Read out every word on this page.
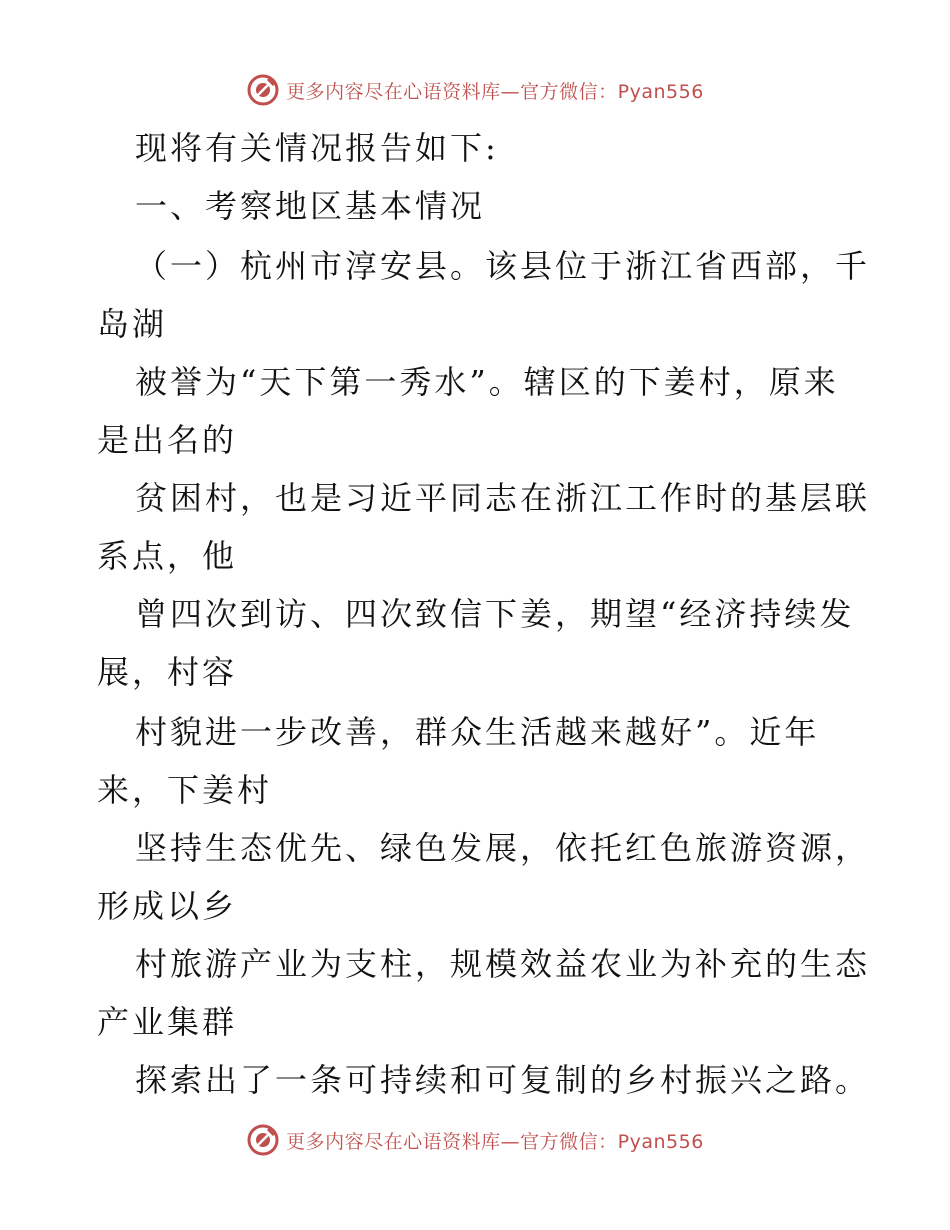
更多内容尽在心语资料库—官方微信：Pyan556
现将有关情况报告如下:
一、考察地区基本情况
（一）杭州市淳安县。该县位于浙江省西部，千
岛湖
被誉为“天下第一秀水”。辖区的下姜村，原来
是出名的
贫困村，也是习近平同志在浙江工作时的基层联
系点，他
曾四次到访、四次致信下姜，期望“经济持续发
展，村容
村貌进一步改善，群众生活越来越好”。近年
来，下姜村
坚持生态优先、绿色发展，依托红色旅游资源，
形成以乡
村旅游产业为支柱，规模效益农业为补充的生态
产业集群
探索出了一条可持续和可复制的乡村振兴之路。
更多内容尽在心语资料库—官方微信：Pyan556
